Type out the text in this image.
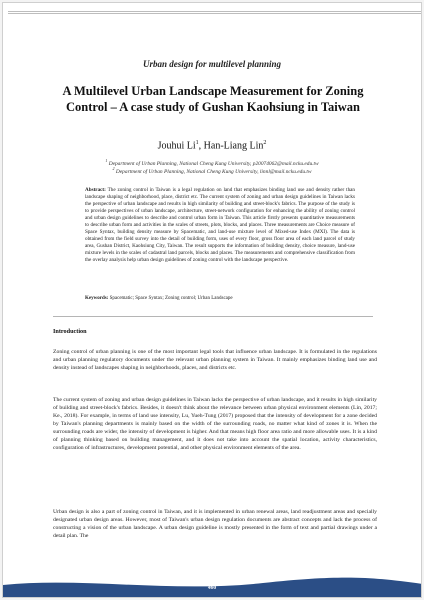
Urban design for multilevel planning
A Multilevel Urban Landscape Measurement for Zoning Control – A case study of Gushan Kaohsiung in Taiwan
Jouhui Li$^1$, Han-Liang Lin$^2$
$^1$ Department of Urban Planning, National Cheng Kung University, p20074062@mail.ncku.edu.tw
$^2$ Department of Urban Planning, National Cheng Kung University, linnl@mail.ncku.edu.tw

Abstract: The zoning control in Taiwan is a legal regulation on land that emphasizes binding land use and density rather than landscape shaping of neighborhood, place, district etc. The current system of zoning and urban design guidelines in Taiwan lacks the perspective of urban landscape and results in high similarity of building and street-block's fabrics. The purpose of the study is to provide perspectives of urban landscape, architecture, street-network configuration for enhancing the ability of zoning control and urban design guidelines to describe and control urban form in Taiwan. This article firstly presents quantitative measurements to describe urban form and activities in the scales of streets, plots, blocks, and places. Three measurements are Choice measure of Space Syntax, building density measure by Spacematic, and land-use mixture level of Mixed-use Index (MXI). The data is obtained from the field survey into the detail of building form, uses of every floor, gross floor area of each land parcel of study area, Gushan District, Kaohsiung City, Taiwan. The result supports the information of building density, choice measure, land-use mixture levels in the scales of cadastral land parcels, blocks and places. The measurements and comprehensive classification from the overlay analysis help urban design guidelines of zoning control with the landscape perspective.

Keywords: Spacematic; Space Syntax; Zoning control; Urban Landscape

Introduction

Zoning control of urban planning is one of the most important legal tools that influence urban landscape. It is formulated in the regulations and urban planning regulatory documents under the relevant urban planning system in Taiwan. It mainly emphasizes binding land use and density instead of landscapes shaping in neighborhoods, places, and districts etc.

The current system of zoning and urban design guidelines in Taiwan lacks the perspective of urban landscape, and it results in high similarity of building and street-block's fabrics. Besides, it doesn't think about the relevance between urban physical environment elements (Lin, 2017; Ke., 2018). For example, in terms of land use intensity, Lu, Yueh-Tung (2017) proposed that the intensity of development for a zone decided by Taiwan's planning departments is mainly based on the width of the surrounding roads, no matter what kind of zones it is. When the surrounding roads are wider, the intensity of development is higher. And that means high floor area ratio and more allowable uses. It is a kind of planning thinking based on building management, and it does not take into account the spatial location, activity characteristics, configuration of infrastructures, development potential, and other physical environment elements of the area.

Urban design is also a part of zoning control in Taiwan, and it is implemented in urban renewal areas, land readjustment areas and specially designated urban design areas. However, most of Taiwan's urban design regulation documents are abstract concepts and lack the process of constructing a vision of the urban landscape. A urban design guideline is mostly presented in the form of text and partial drawings under a detail plan. The

460
